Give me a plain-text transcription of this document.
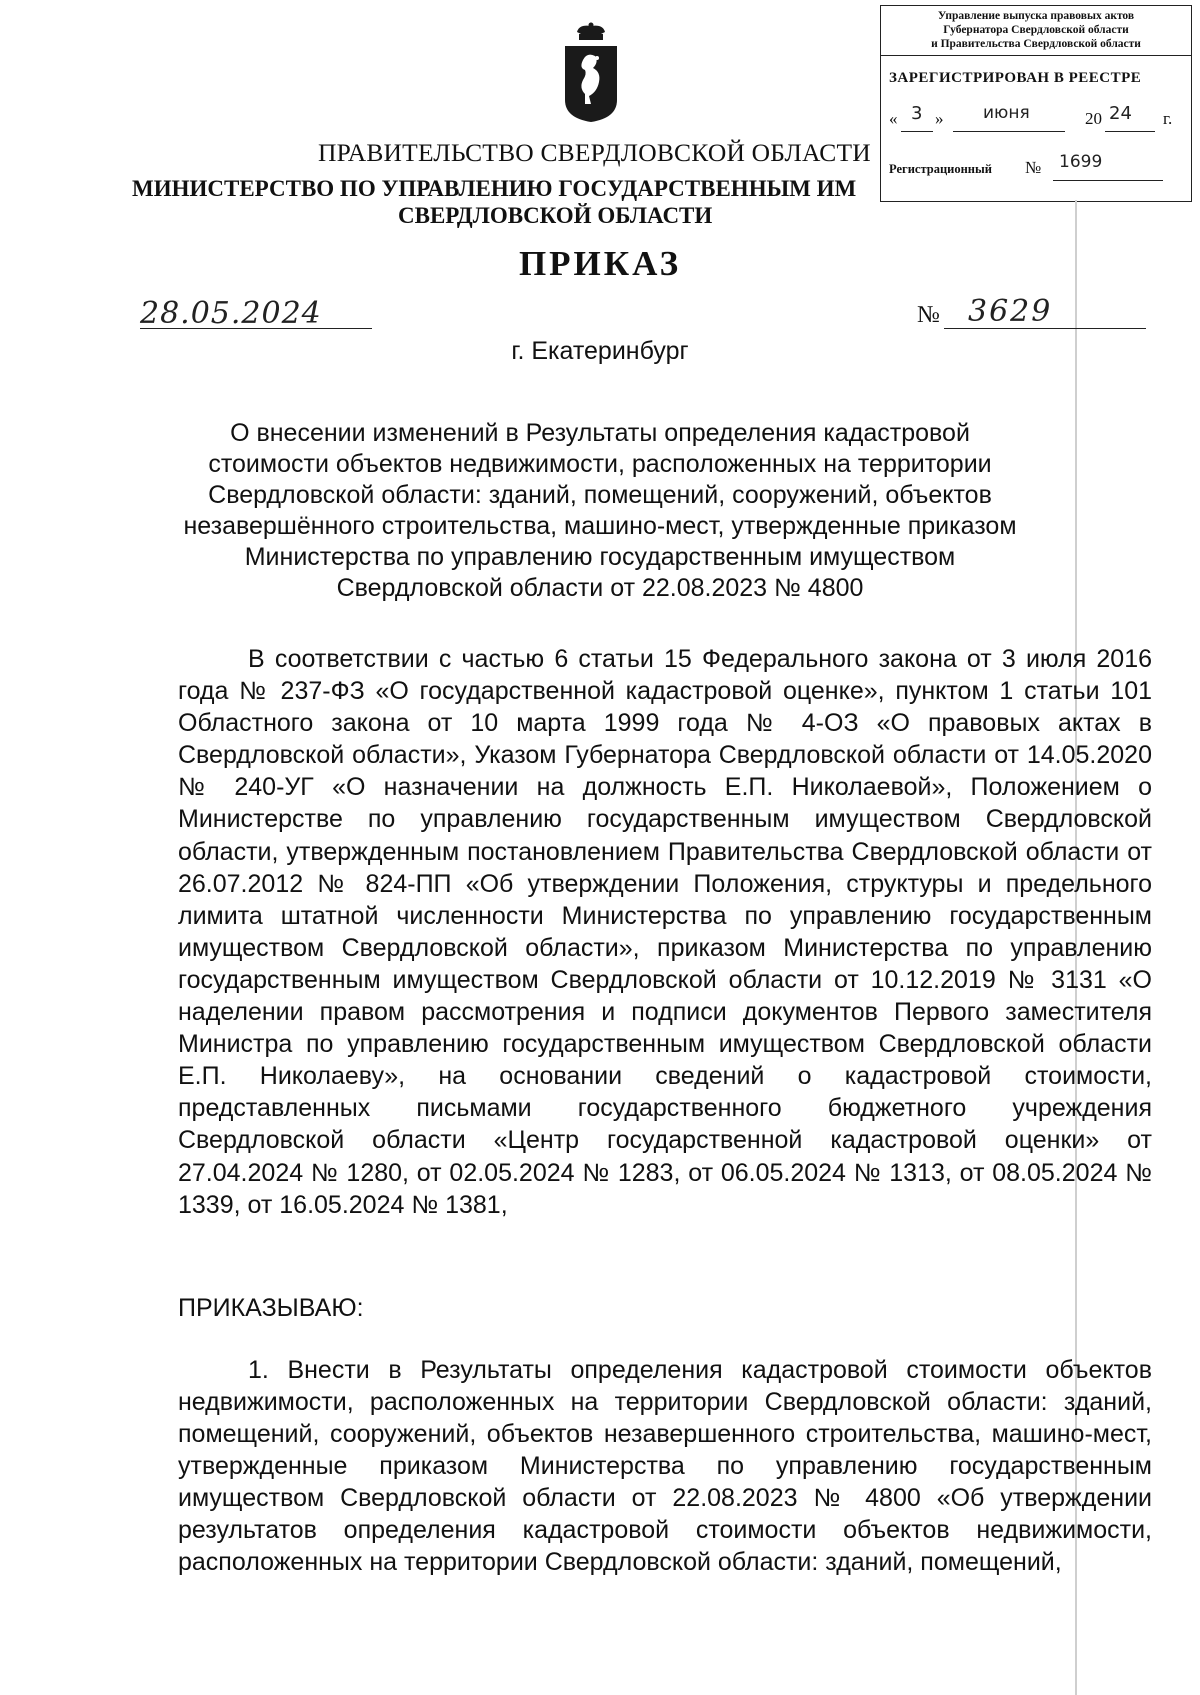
Управление выпуска правовых актов
Губернатора Свердловской области
и Правительства Свердловской области
ЗАРЕГИСТРИРОВАН В РЕЕСТРЕ
« 3 » июня	20 24 г.
Регистрационный № 1699
ПРАВИТЕЛЬСТВО СВЕРДЛОВСКОЙ ОБЛАСТИ
МИНИСТЕРСТВО ПО УПРАВЛЕНИЮ ГОСУДАРСТВЕННЫМ ИМ
СВЕРДЛОВСКОЙ ОБЛАСТИ
ПРИКАЗ
28.05.2024	№ 3629
г. Екатеринбург
О внесении изменений в Результаты определения кадастровой стоимости объектов недвижимости, расположенных на территории Свердловской области: зданий, помещений, сооружений, объектов незавершённого строительства, машино-мест, утвержденные приказом Министерства по управлению государственным имуществом Свердловской области от 22.08.2023 № 4800
В соответствии с частью 6 статьи 15 Федерального закона от 3 июля 2016 года № 237-ФЗ «О государственной кадастровой оценке», пунктом 1 статьи 101 Областного закона от 10 марта 1999 года № 4-ОЗ «О правовых актах в Свердловской области», Указом Губернатора Свердловской области от 14.05.2020 № 240-УГ «О назначении на должность Е.П. Николаевой», Положением о Министерстве по управлению государственным имуществом Свердловской области, утвержденным постановлением Правительства Свердловской области от 26.07.2012 № 824-ПП «Об утверждении Положения, структуры и предельного лимита штатной численности Министерства по управлению государственным имуществом Свердловской области», приказом Министерства по управлению государственным имуществом Свердловской области от 10.12.2019 № 3131 «О наделении правом рассмотрения и подписи документов Первого заместителя Министра по управлению государственным имуществом Свердловской области Е.П. Николаеву», на основании сведений о кадастровой стоимости, представленных письмами государственного бюджетного учреждения Свердловской области «Центр государственной кадастровой оценки» от 27.04.2024 № 1280, от 02.05.2024 № 1283, от 06.05.2024 № 1313, от 08.05.2024 № 1339, от 16.05.2024 № 1381,
ПРИКАЗЫВАЮ:
1. Внести в Результаты определения кадастровой стоимости объектов недвижимости, расположенных на территории Свердловской области: зданий, помещений, сооружений, объектов незавершенного строительства, машино-мест, утвержденные приказом Министерства по управлению государственным имуществом Свердловской области от 22.08.2023 № 4800 «Об утверждении результатов определения кадастровой стоимости объектов недвижимости, расположенных на территории Свердловской области: зданий, помещений,
